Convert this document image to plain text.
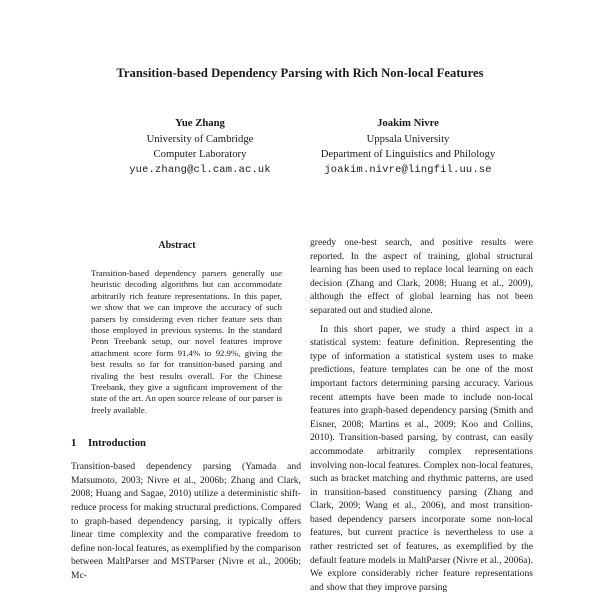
Transition-based Dependency Parsing with Rich Non-local Features
Yue Zhang
University of Cambridge
Computer Laboratory
yue.zhang@cl.cam.ac.uk
Joakim Nivre
Uppsala University
Department of Linguistics and Philology
joakim.nivre@lingfil.uu.se
Abstract
Transition-based dependency parsers generally use heuristic decoding algorithms but can accommodate arbitrarily rich feature representations. In this paper, we show that we can improve the accuracy of such parsers by considering even richer feature sets than those employed in previous systems. In the standard Penn Treebank setup, our novel features improve attachment score form 91.4% to 92.9%, giving the best results so far for transition-based parsing and rivaling the best results overall. For the Chinese Treebank, they give a signficant improvement of the state of the art. An open source release of our parser is freely available.
1 Introduction
Transition-based dependency parsing (Yamada and Matsumoto, 2003; Nivre et al., 2006b; Zhang and Clark, 2008; Huang and Sagae, 2010) utilize a deterministic shift-reduce process for making structural predictions. Compared to graph-based dependency parsing, it typically offers linear time complexity and the comparative freedom to define non-local features, as exemplified by the comparison between MaltParser and MSTParser (Nivre et al., 2006b; Mc-
greedy one-best search, and positive results were reported. In the aspect of training, global structural learning has been used to replace local learning on each decision (Zhang and Clark, 2008; Huang et al., 2009), although the effect of global learning has not been separated out and studied alone.
In this short paper, we study a third aspect in a statistical system: feature definition. Representing the type of information a statistical system uses to make predictions, feature templates can be one of the most important factors determining parsing accuracy. Various recent attempts have been made to include non-local features into graph-based dependency parsing (Smith and Eisner, 2008; Martins et al., 2009; Koo and Collins, 2010). Transition-based parsing, by contrast, can easily accommodate arbitrarily complex representations involving non-local features. Complex non-local features, such as bracket matching and rhythmic patterns, are used in transition-based constituency parsing (Zhang and Clark, 2009; Wang et al., 2006), and most transition-based dependency parsers incorporate some non-local features, but current practice is nevertheless to use a rather restricted set of features, as exemplified by the default feature models in MaltParser (Nivre et al., 2006a). We explore considerably richer feature representations and show that they improve parsing
